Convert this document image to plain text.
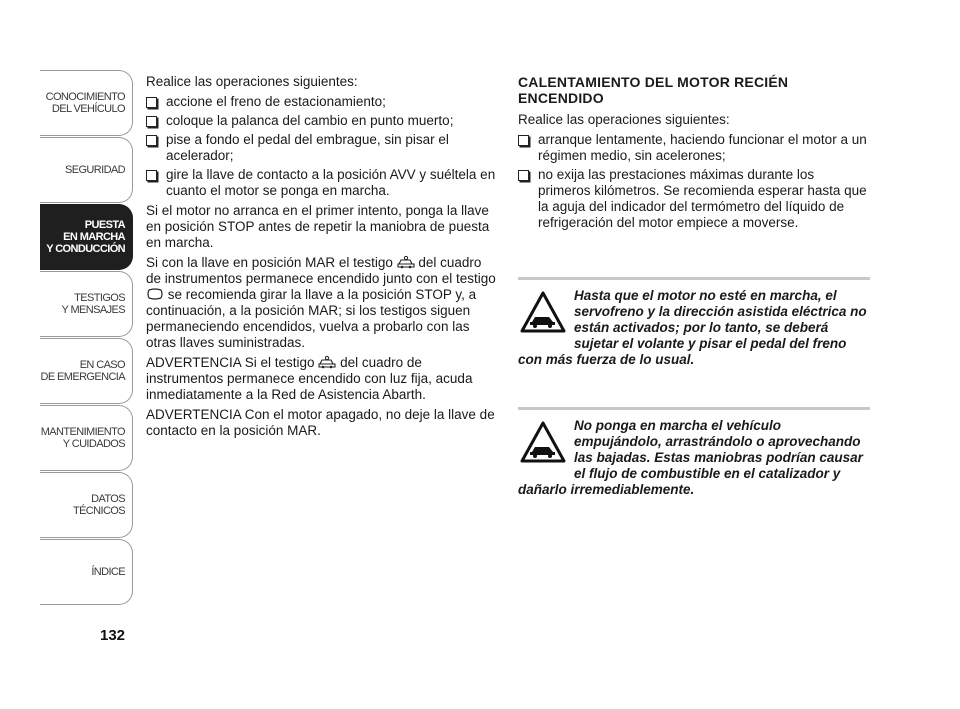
CONOCIMIENTO
DEL VEHÍCULO
SEGURIDAD
PUESTA
EN MARCHA
Y CONDUCCIÓN
TESTIGOS
Y MENSAJES
EN CASO
DE EMERGENCIA
MANTENIMIENTO
Y CUIDADOS
DATOS TÉCNICOS
ÍNDICE
132

Realice las operaciones siguientes:

accione el freno de estacionamiento;
coloque la palanca del cambio en punto muerto;
pise a fondo el pedal del embrague, sin pisar el acelerador;
gire la llave de contacto a la posición AVV y suéltela en cuanto el motor se ponga en marcha.

Si el motor no arranca en el primer intento, ponga la llave en posición STOP antes de repetir la maniobra de puesta en marcha.

Si con la llave en posición MAR el testigo  del cuadro de instrumentos permanece encendido junto con el testigo  se recomienda girar la llave a la posición STOP y, a continuación, a la posición MAR; si los testigos siguen permaneciendo encendidos, vuelva a probarlo con las otras llaves suministradas.

ADVERTENCIA Si el testigo  del cuadro de instrumentos permanece encendido con luz fija, acuda inmediatamente a la Red de Asistencia Abarth.

ADVERTENCIA Con el motor apagado, no deje la llave de contacto en la posición MAR.

CALENTAMIENTO DEL MOTOR RECIÉN ENCENDIDO

Realice las operaciones siguientes:

arranque lentamente, haciendo funcionar el motor a un régimen medio, sin acelerones;
no exija las prestaciones máximas durante los primeros kilómetros. Se recomienda esperar hasta que la aguja del indicador del termómetro del líquido de refrigeración del motor empiece a moverse.
Hasta que el motor no esté en marcha, el servofreno y la dirección asistida eléctrica no están activados; por lo tanto, se deberá sujetar el volante y pisar el pedal del freno con más fuerza de lo usual.
No ponga en marcha el vehículo empujándolo, arrastrándolo o aprovechando las bajadas. Estas maniobras podrían causar el flujo de combustible en el catalizador y dañarlo irremediablemente.
